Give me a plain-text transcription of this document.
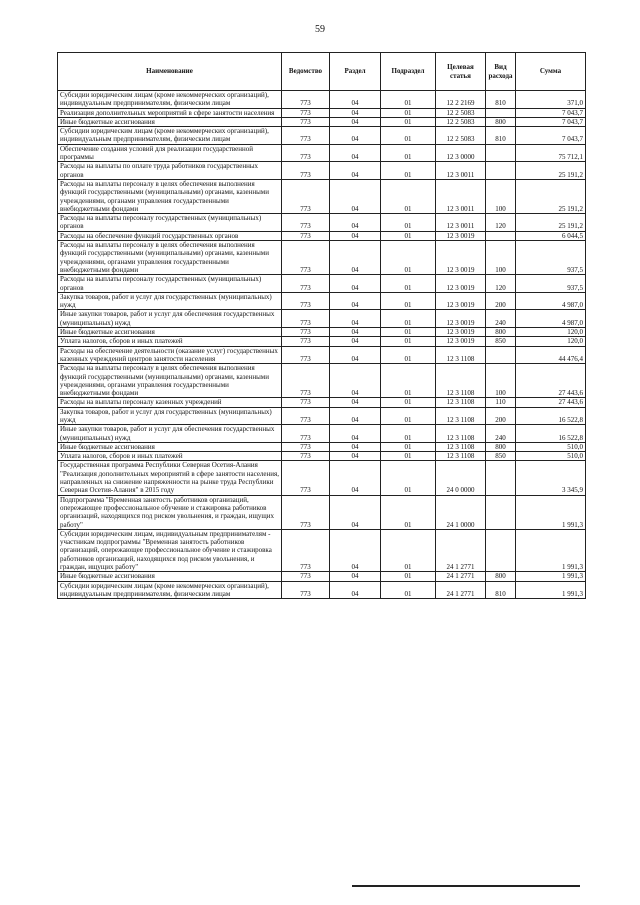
59
Наименование	Ведомство	Раздел	Подраздел	Целевая статья	Вид расхода	Сумма
Субсидии юридическим лицам (кроме некоммерческих организаций), индивидуальным предпринимателям, физическим лицам	773	04	01	12 2 2169	810	371,0
Реализация дополнительных мероприятий в сфере занятости населения	773	04	01	12 2 5083		7 043,7
Иные бюджетные ассигнования	773	04	01	12 2 5083	800	7 043,7
Субсидии юридическим лицам (кроме некоммерческих организаций), индивидуальным предпринимателям, физическим лицам	773	04	01	12 2 5083	810	7 043,7
Обеспечение создания условий для реализации государственной программы	773	04	01	12 3 0000		75 712,1
Расходы на выплаты по оплате труда работников государственных органов	773	04	01	12 3 0011		25 191,2
Расходы на выплаты персоналу в целях обеспечения выполнения функций государственными (муниципальными) органами, казенными учреждениями, органами управления государственными внебюджетными фондами	773	04	01	12 3 0011	100	25 191,2
Расходы на выплаты персоналу государственных (муниципальных) органов	773	04	01	12 3 0011	120	25 191,2
Расходы на обеспечение функций государственных органов	773	04	01	12 3 0019		6 044,5
Расходы на выплаты персоналу в целях обеспечения выполнения функций государственными (муниципальными) органами, казенными учреждениями, органами управления государственными внебюджетными фондами	773	04	01	12 3 0019	100	937,5
Расходы на выплаты персоналу государственных (муниципальных) органов	773	04	01	12 3 0019	120	937,5
Закупка товаров, работ и услуг для государственных (муниципальных) нужд	773	04	01	12 3 0019	200	4 987,0
Иные закупки товаров, работ и услуг для обеспечения государственных (муниципальных) нужд	773	04	01	12 3 0019	240	4 987,0
Иные бюджетные ассигнования	773	04	01	12 3 0019	800	120,0
Уплата налогов, сборов и иных платежей	773	04	01	12 3 0019	850	120,0
Расходы на обеспечение деятельности (оказание услуг) государственных казенных учреждений центров занятости населения	773	04	01	12 3 1108		44 476,4
Расходы на выплаты персоналу в целях обеспечения выполнения функций государственными (муниципальными) органами, казенными учреждениями, органами управления государственными внебюджетными фондами	773	04	01	12 3 1108	100	27 443,6
Расходы на выплаты персоналу казенных учреждений	773	04	01	12 3 1108	110	27 443,6
Закупка товаров, работ и услуг для государственных (муниципальных) нужд	773	04	01	12 3 1108	200	16 522,8
Иные закупки товаров, работ и услуг для обеспечения государственных (муниципальных) нужд	773	04	01	12 3 1108	240	16 522,8
Иные бюджетные ассигнования	773	04	01	12 3 1108	800	510,0
Уплата налогов, сборов и иных платежей	773	04	01	12 3 1108	850	510,0
Государственная программа Республики Северная Осетия-Алания "Реализация дополнительных мероприятий в сфере занятости населения, направленных на снижение напряженности на рынке труда Республики Северная Осетия-Алания" в 2015 году	773	04	01	24 0 0000		3 345,9
Подпрограмма "Временная занятость работников организаций, опережающее профессиональное обучение и стажировка работников организаций, находящихся под риском увольнения, и граждан, ищущих работу"	773	04	01	24 1 0000		1 991,3
Субсидии юридическим лицам, индивидуальным предпринимателям - участникам подпрограммы "Временная занятость работников организаций, опережающее профессиональное обучение и стажировка работников организаций, находящихся под риском увольнения, и граждан, ищущих работу"	773	04	01	24 1 2771		1 991,3
Иные бюджетные ассигнования	773	04	01	24 1 2771	800	1 991,3
Субсидии юридическим лицам (кроме некоммерческих организаций), индивидуальным предпринимателям, физическим лицам	773	04	01	24 1 2771	810	1 991,3
